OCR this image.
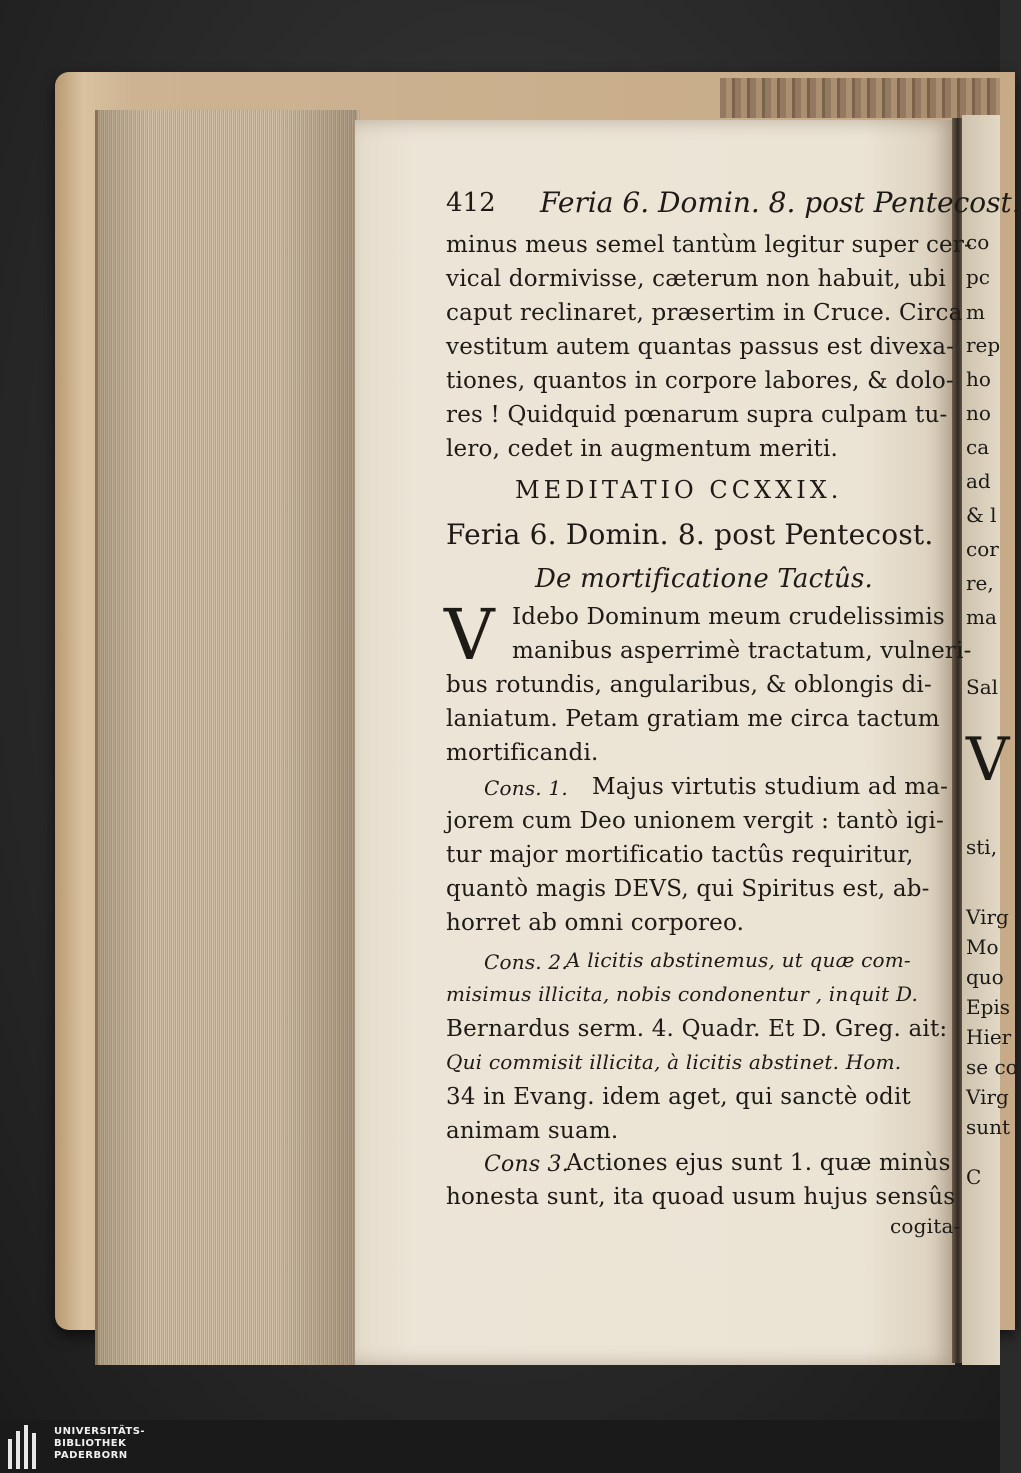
co
pc
m
rep
ho
no
ca
ad
& l
cor
re,
ma
Sal
V
sti,
Virg
Mo
quo
Epis
Hier
se co
Virg
sunt
C
412 Feria 6. Domin. 8. post Pentecost.
minus meus semel tantùm legitur super cer-
vical dormivisse, cæterum non habuit, ubi
caput reclinaret, præsertim in Cruce. Circa
vestitum autem quantas passus est divexa-
tiones, quantos in corpore labores, & dolo-
res ! Quidquid pœnarum supra culpam tu-
lero, cedet in augmentum meriti.
MEDITATIO CCXXIX.
Feria 6. Domin. 8. post Pentecost.
De mortificatione Tactûs.
V Idebo Dominum meum crudelissimis
manibus asperrimè tractatum, vulneri-
bus rotundis, angularibus, & oblongis di-
laniatum. Petam gratiam me circa tactum
mortificandi.
Cons. 1. Majus virtutis studium ad ma-
jorem cum Deo unionem vergit : tantò igi-
tur major mortificatio tactûs requiritur,
quantò magis DEVS, qui Spiritus est, ab-
horret ab omni corporeo.
Cons. 2.
A licitis abstinemus, ut quæ com-
misimus illicita, nobis condonentur , inquit D.
Bernardus serm. 4. Quadr. Et D. Greg. ait:
Qui commisit illicita, à licitis abstinet. Hom.
34 in Evang. idem aget, qui sanctè odit
animam suam.
Cons 3.
Actiones ejus sunt 1. quæ minùs
honesta sunt, ita quoad usum hujus sensûs
cogita-
UNIVERSITÄTS-
BIBLIOTHEK
PADERBORN
